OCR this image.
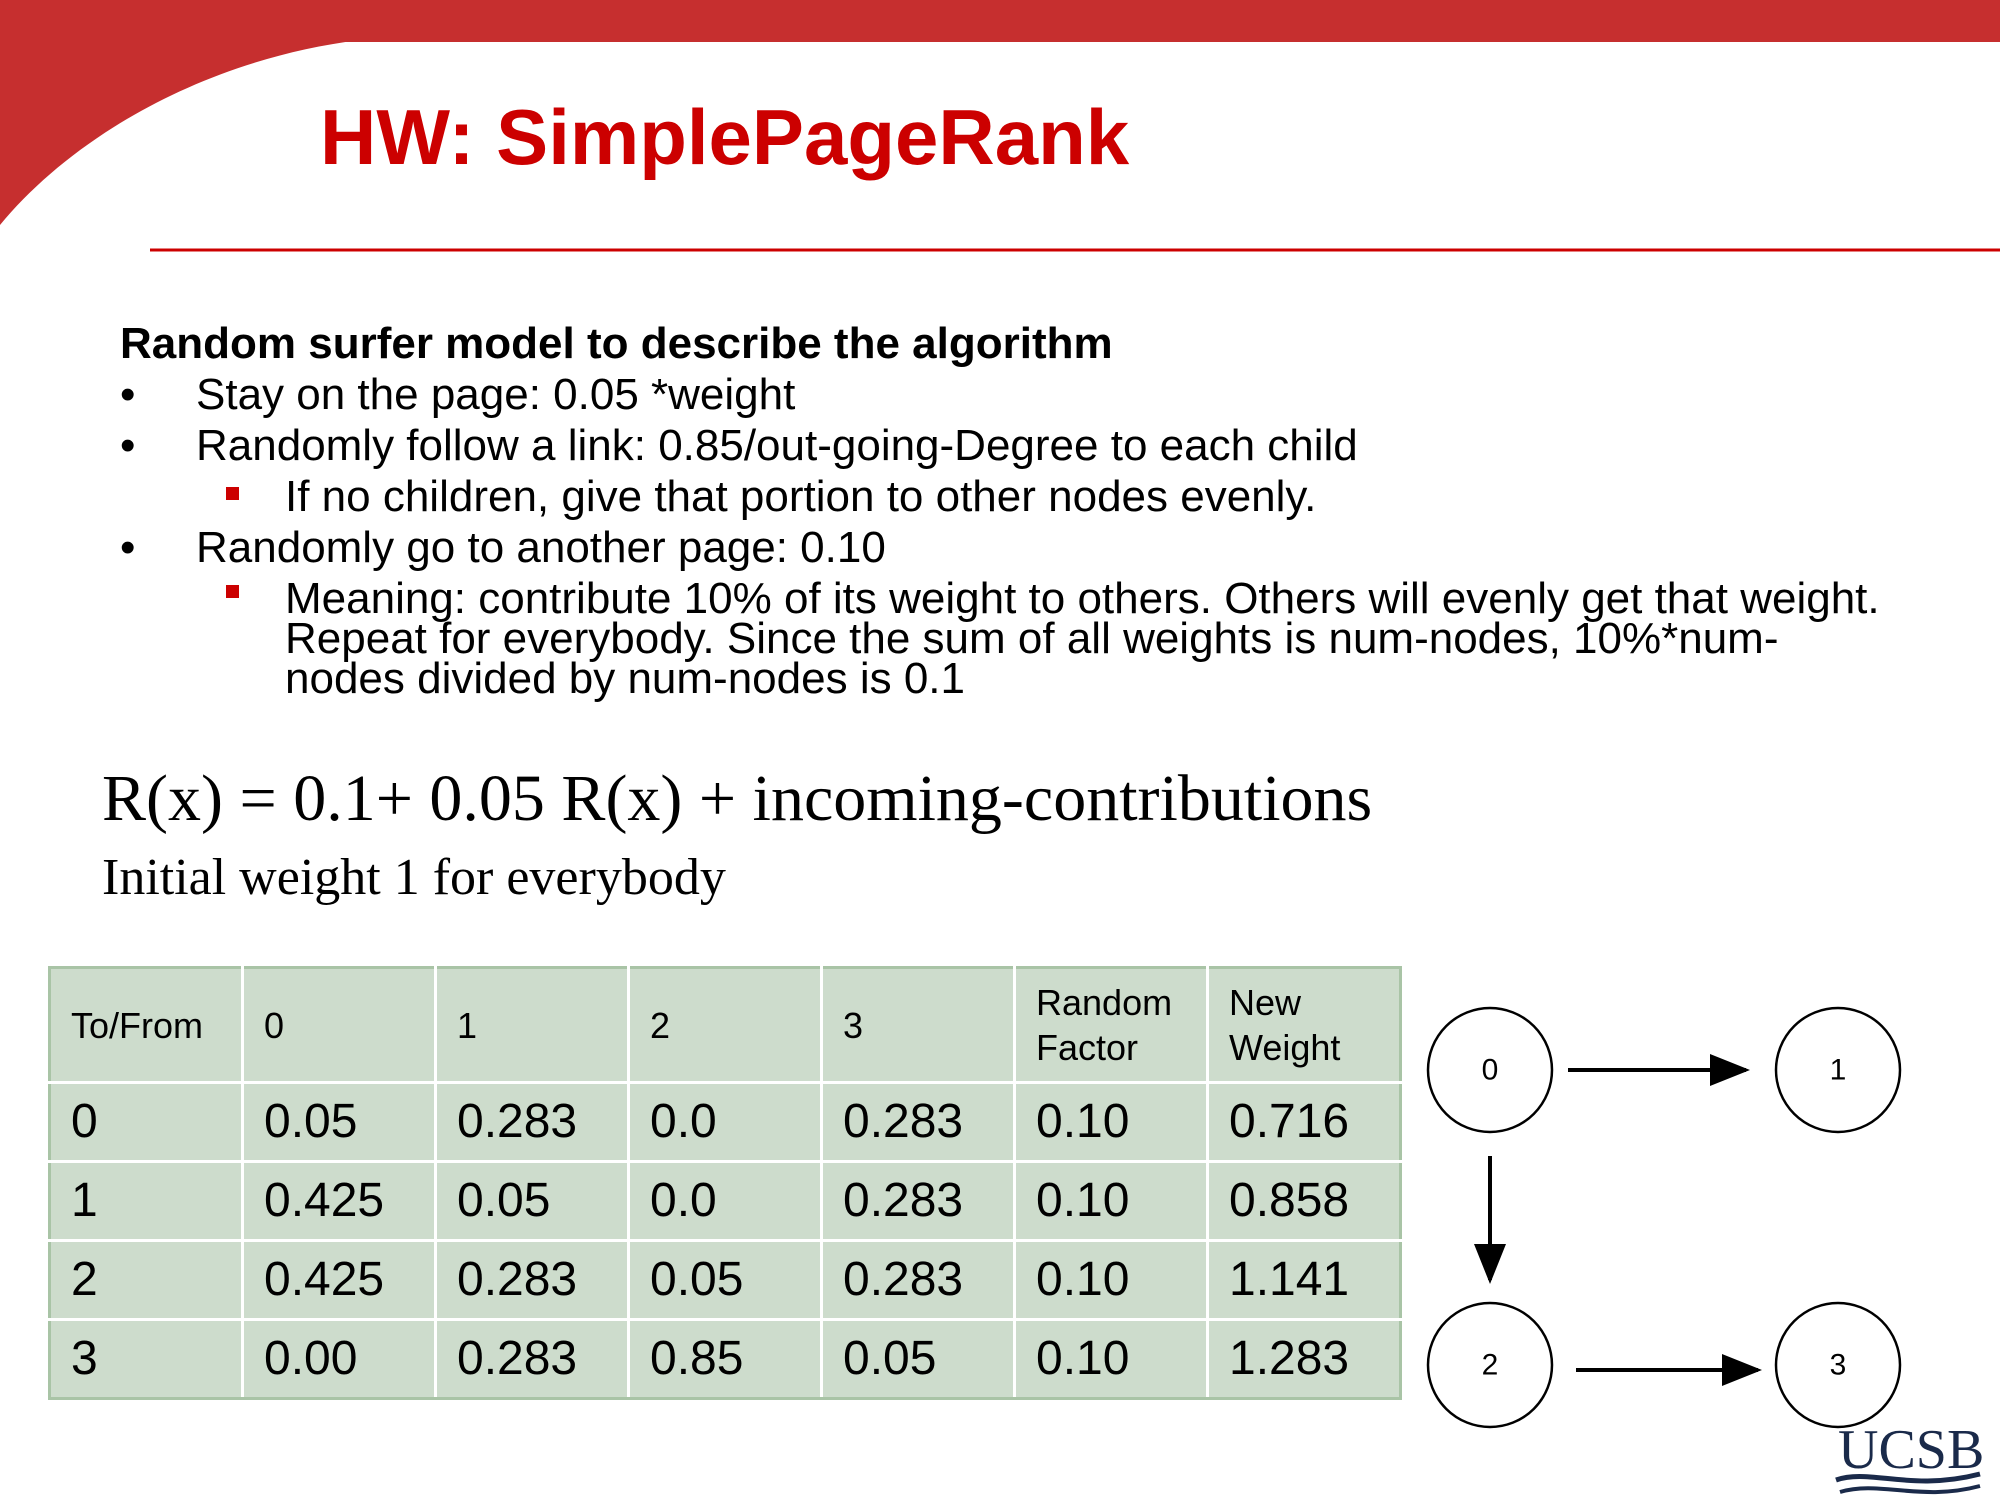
HW: SimplePageRank
Random surfer model to describe the algorithm
• Stay on the page: 0.05 *weight
• Randomly follow a link: 0.85/out-going-Degree to each child
If no children, give that portion to other nodes evenly.
• Randomly go to another page: 0.10
Meaning: contribute 10% of its weight to others. Others will evenly get that weight. Repeat for everybody. Since the sum of all weights is num-nodes, 10%*num-nodes divided by num-nodes is 0.1

R(x) = 0.1+ 0.05 R(x) + incoming-contributions

Initial weight 1 for everybody

To/From	0	1	2	3	Random Factor	New Weight
0	0.05	0.283	0.0	0.283	0.10	0.716
1	0.425	0.05	0.0	0.283	0.10	0.858
2	0.425	0.283	0.05	0.283	0.10	1.141
3	0.00	0.283	0.85	0.05	0.10	1.283
0	1
2	3
UCSB
